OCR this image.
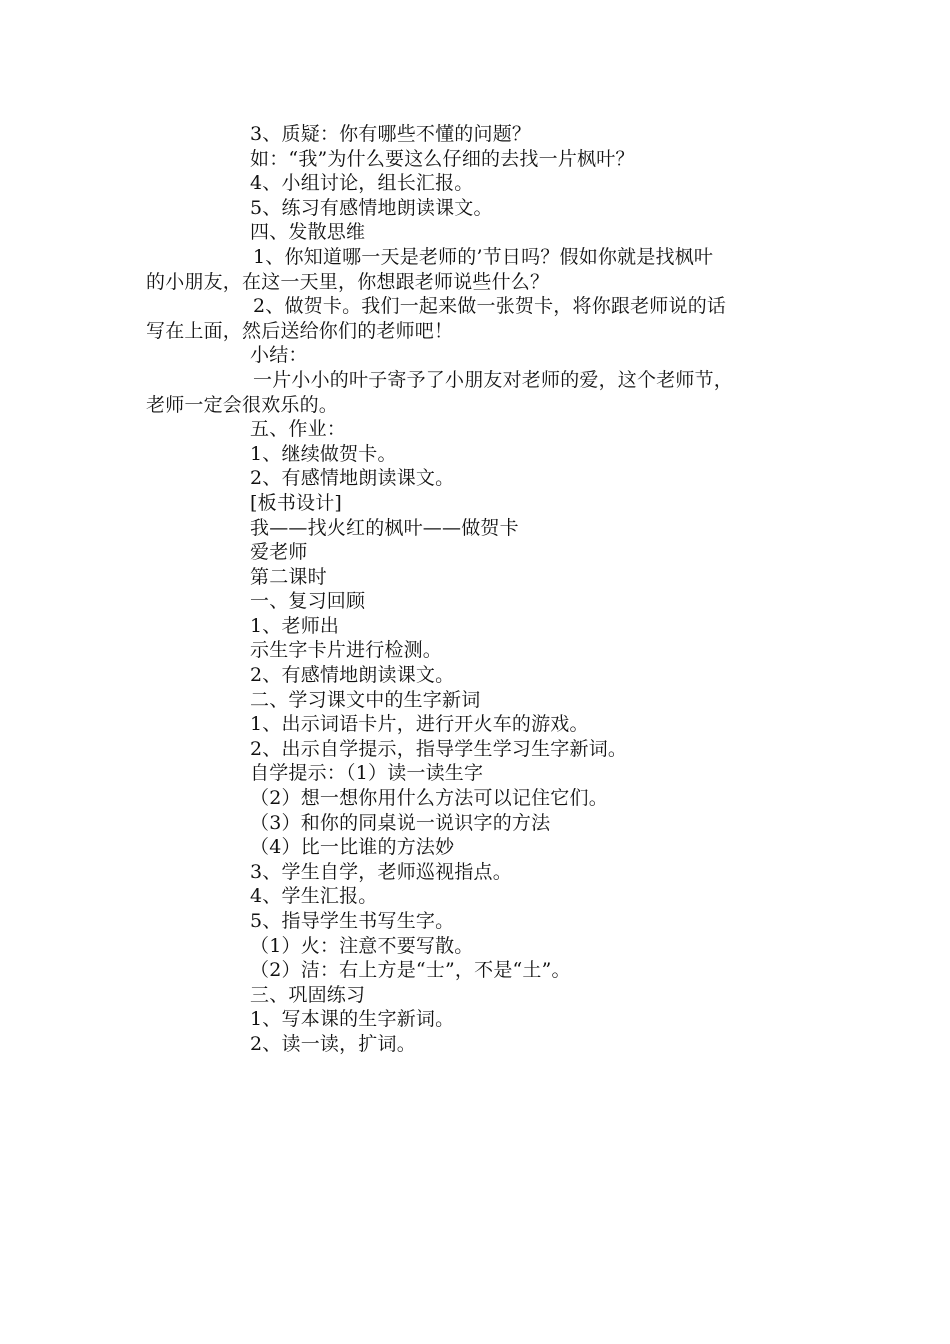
3、质疑：你有哪些不懂的问题？
如：“我”为什么要这么仔细的去找一片枫叶？
4、小组讨论，组长汇报。
5、练习有感情地朗读课文。
四、发散思维
1、你知道哪一天是老师的’节日吗？假如你就是找枫叶
的小朋友，在这一天里，你想跟老师说些什么？
2、做贺卡。我们一起来做一张贺卡，将你跟老师说的话
写在上面，然后送给你们的老师吧！
小结：
一片小小的叶子寄予了小朋友对老师的爱，这个老师节，
老师一定会很欢乐的。
五、作业：
1、继续做贺卡。
2、有感情地朗读课文。
[板书设计]
我——找火红的枫叶——做贺卡
爱老师
第二课时
一、复习回顾
1、老师出
示生字卡片进行检测。
2、有感情地朗读课文。
二、学习课文中的生字新词
1、出示词语卡片，进行开火车的游戏。
2、出示自学提示，指导学生学习生字新词。
自学提示：（1）读一读生字
（2）想一想你用什么方法可以记住它们。
（3）和你的同桌说一说识字的方法
（4）比一比谁的方法妙
3、学生自学，老师巡视指点。
4、学生汇报。
5、指导学生书写生字。
（1）火：注意不要写散。
（2）洁：右上方是“士”，不是“土”。
三、巩固练习
1、写本课的生字新词。
2、读一读，扩词。
